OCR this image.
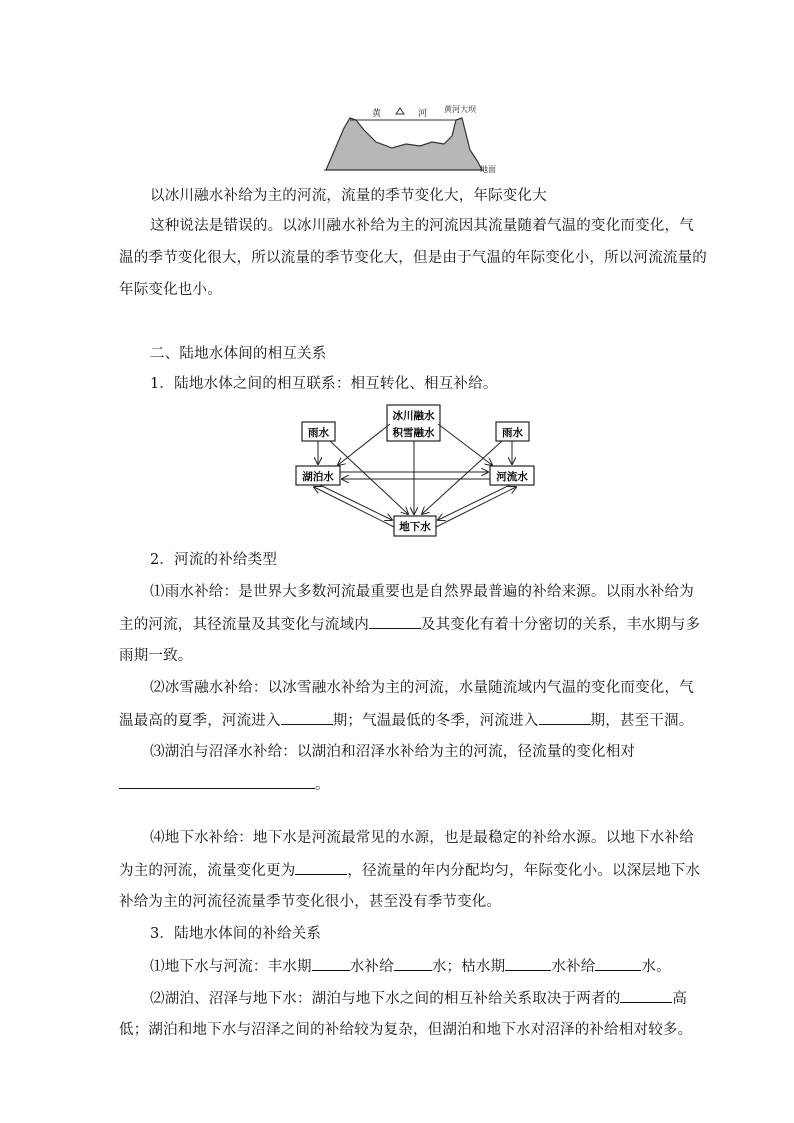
黄	河 黄河大坝
地面
以冰川融水补给为主的河流，流量的季节变化大，年际变化大
这种说法是错误的。以冰川融水补给为主的河流因其流量随着气温的变化而变化，气
温的季节变化很大，所以流量的季节变化大，但是由于气温的年际变化小，所以河流流量的
年际变化也小。
二、陆地水体间的相互关系
1．陆地水体之间的相互联系：相互转化、相互补给。
冰川融水
积雪融水
雨水	雨水
湖泊水	河流水
地下水
2．河流的补给类型
⑴雨水补给：是世界大多数河流最重要也是自然界最普遍的补给来源。以雨水补给为
主的河流，其径流量及其变化与流域内	及其变化有着十分密切的关系，丰水期与多
雨期一致。
⑵冰雪融水补给：以冰雪融水补给为主的河流，水量随流域内气温的变化而变化，气
温最高的夏季，河流进入	期；气温最低的冬季，河流进入	期，甚至干涸。
⑶湖泊与沼泽水补给：以湖泊和沼泽水补给为主的河流，径流量的变化相对
。
⑷地下水补给：地下水是河流最常见的水源，也是最稳定的补给水源。以地下水补给
为主的河流，流量变化更为	，径流量的年内分配均匀，年际变化小。以深层地下水
补给为主的河流径流量季节变化很小，甚至没有季节变化。
3．陆地水体间的补给关系
⑴地下水与河流：丰水期	水补给	水；枯水期	水补给	水。
⑵湖泊、沼泽与地下水：湖泊与地下水之间的相互补给关系取决于两者的	高
低；湖泊和地下水与沼泽之间的补给较为复杂，但湖泊和地下水对沼泽的补给相对较多。
